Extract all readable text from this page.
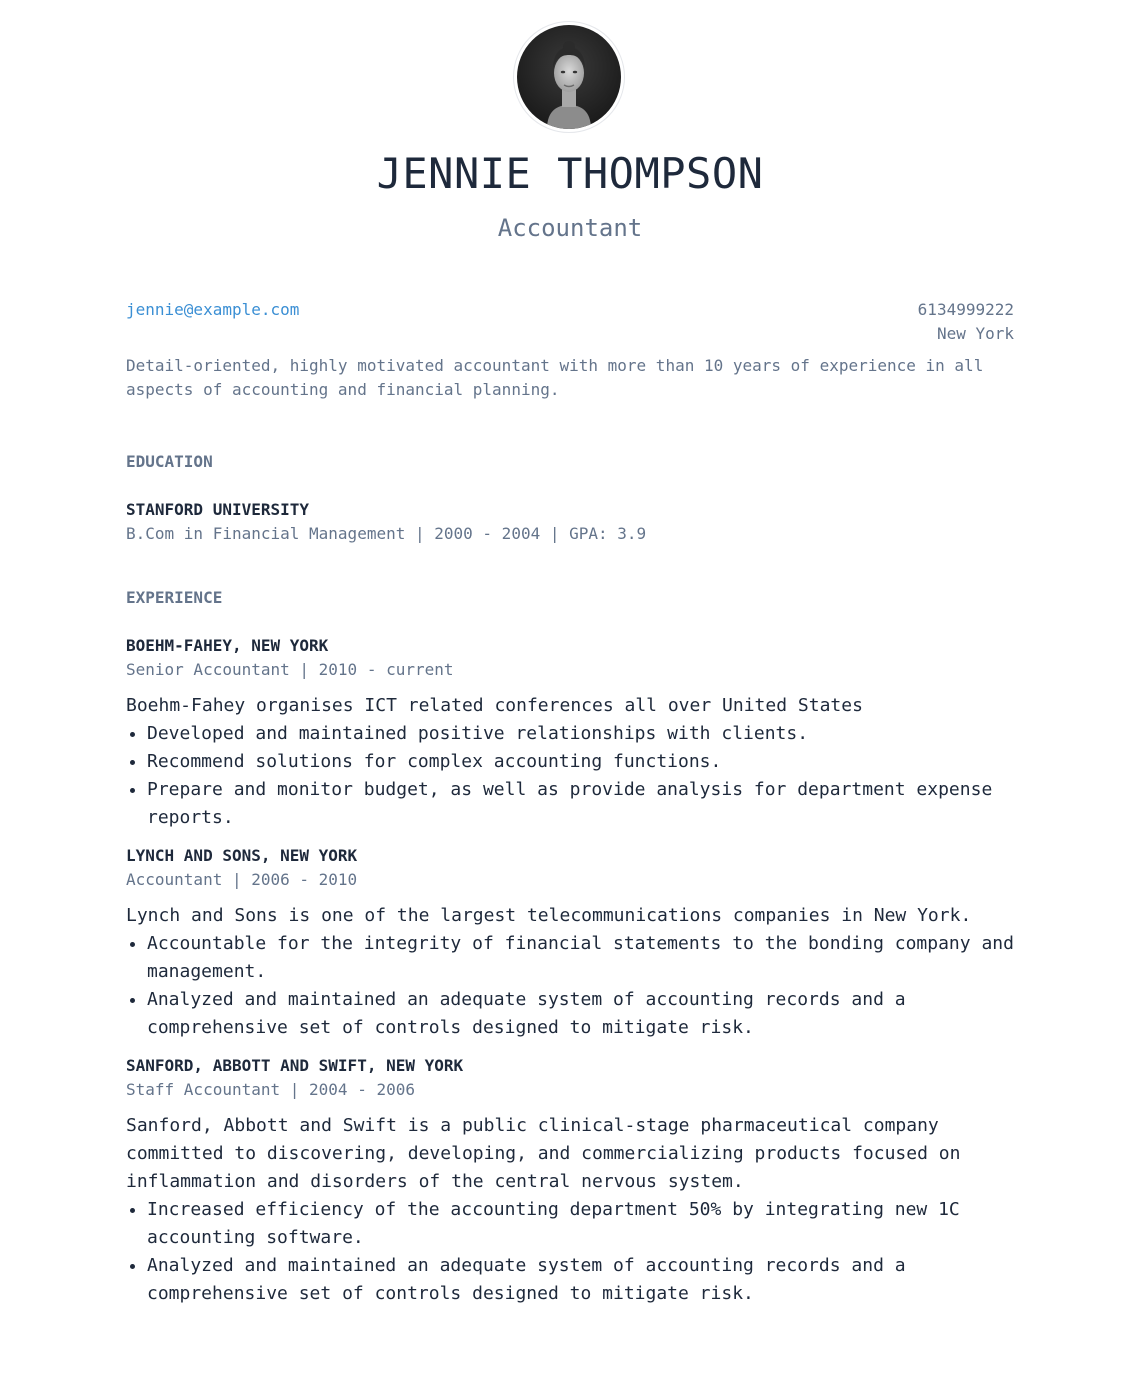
JENNIE THOMPSON
Accountant
jennie@example.com	6134999222
New York

Detail-oriented, highly motivated accountant with more than 10 years of experience in all aspects of accounting and financial planning.

EDUCATION
STANFORD UNIVERSITY

B.Com in Financial Management | 2000 - 2004 | GPA: 3.9

EXPERIENCE
BOEHM-FAHEY, NEW YORK

Senior Accountant | 2010 - current

Boehm-Fahey organises ICT related conferences all over United States

Developed and maintained positive relationships with clients.
Recommend solutions for complex accounting functions.
Prepare and monitor budget, as well as provide analysis for department expense reports.
LYNCH AND SONS, NEW YORK

Accountant | 2006 - 2010

Lynch and Sons is one of the largest telecommunications companies in New York.

Accountable for the integrity of financial statements to the bonding company and management.
Analyzed and maintained an adequate system of accounting records and a comprehensive set of controls designed to mitigate risk.
SANFORD, ABBOTT AND SWIFT, NEW YORK

Staff Accountant | 2004 - 2006

Sanford, Abbott and Swift is a public clinical-stage pharmaceutical company committed to discovering, developing, and commercializing products focused on inflammation and disorders of the central nervous system.

Increased efficiency of the accounting department 50% by integrating new 1C accounting software.
Analyzed and maintained an adequate system of accounting records and a comprehensive set of controls designed to mitigate risk.
